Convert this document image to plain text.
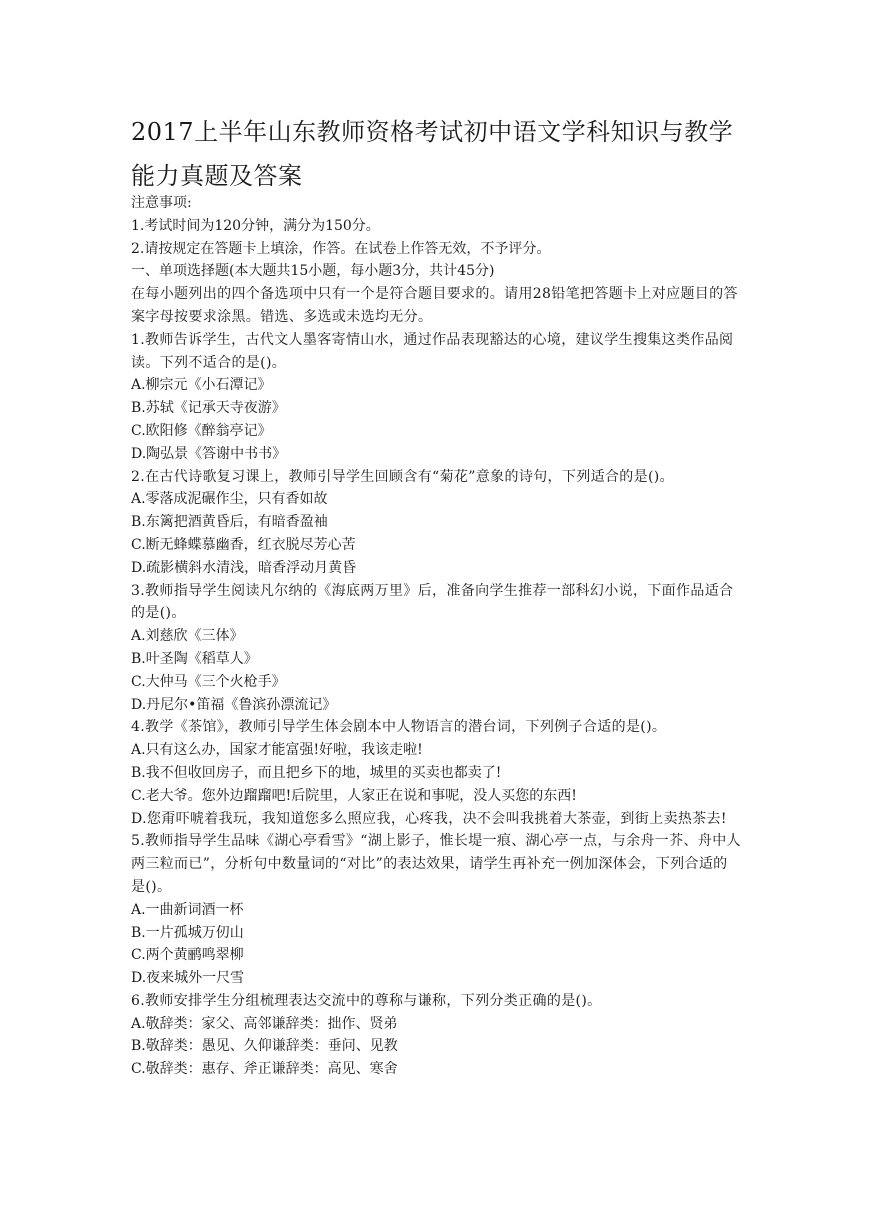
2017上半年山东教师资格考试初中语文学科知识与教学能力真题及答案

注意事项:

1.考试时间为120分钟，满分为150分。

2.请按规定在答题卡上填涂，作答。在试卷上作答无效，不予评分。

一、单项选择题(本大题共15小题，每小题3分，共计45分)

在每小题列出的四个备选项中只有一个是符合题目要求的。请用28铅笔把答题卡上对应题目的答案字母按要求涂黑。错选、多选或未选均无分。

1.教师告诉学生，古代文人墨客寄情山水，通过作品表现豁达的心境，建议学生搜集这类作品阅读。下列不适合的是()。

A.柳宗元《小石潭记》

B.苏轼《记承天寺夜游》

C.欧阳修《醉翁亭记》

D.陶弘景《答谢中书书》

2.在古代诗歌复习课上，教师引导学生回顾含有“菊花”意象的诗句，下列适合的是()。

A.零落成泥碾作尘，只有香如故

B.东篱把酒黄昏后，有暗香盈袖

C.断无蜂蝶慕幽香，红衣脱尽芳心苦

D.疏影横斜水清浅，暗香浮动月黄昏

3.教师指导学生阅读凡尔纳的《海底两万里》后，准备向学生推荐一部科幻小说，下面作品适合的是()。

A.刘慈欣《三体》

B.叶圣陶《稻草人》

C.大仲马《三个火枪手》

D.丹尼尔•笛福《鲁滨孙漂流记》

4.教学《茶馆》，教师引导学生体会剧本中人物语言的潜台词，下列例子合适的是()。

A.只有这么办，国家才能富强!好啦，我该走啦!

B.我不但收回房子，而且把乡下的地，城里的买卖也都卖了!

C.老大爷。您外边蹓蹓吧!后院里，人家正在说和事呢，没人买您的东西!

D.您甭吓唬着我玩，我知道您多么照应我，心疼我，决不会叫我挑着大茶壶，到街上卖热茶去!

5.教师指导学生品味《湖心亭看雪》“湖上影子，惟长堤一痕、湖心亭一点，与余舟一芥、舟中人两三粒而已”，分析句中数量词的“对比”的表达效果，请学生再补充一例加深体会，下列合适的是()。

A.一曲新词酒一杯

B.一片孤城万仞山

C.两个黄鹂鸣翠柳

D.夜来城外一尺雪

6.教师安排学生分组梳理表达交流中的尊称与谦称，下列分类正确的是()。

A.敬辞类：家父、高邻谦辞类：拙作、贤弟

B.敬辞类：愚见、久仰谦辞类：垂问、见教

C.敬辞类：惠存、斧正谦辞类：高见、寒舍
